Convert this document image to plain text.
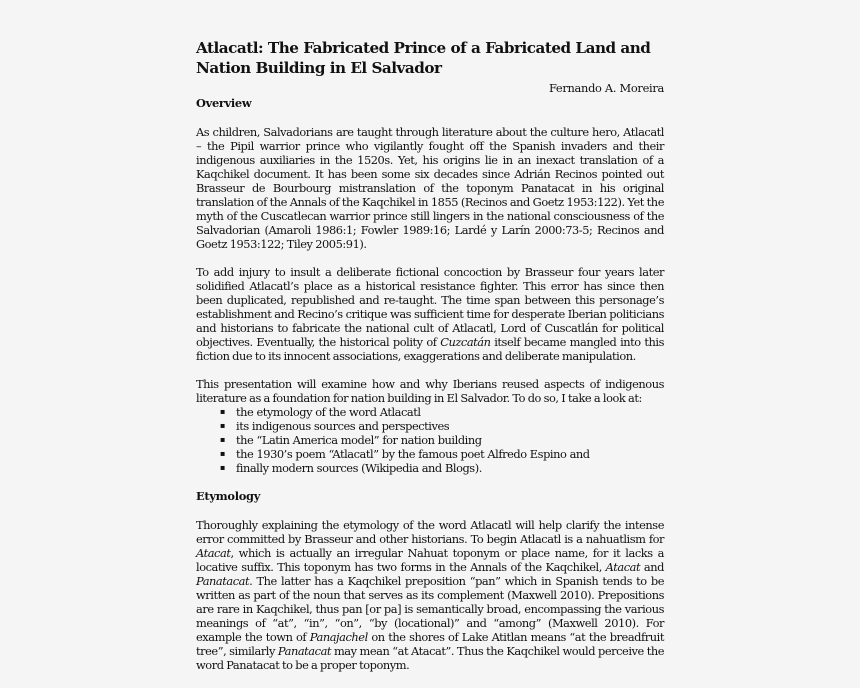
Atlacatl: The Fabricated Prince of a Fabricated Land and Nation Building in El Salvador
Fernando A. Moreira
Overview

As children, Salvadorians are taught through literature about the culture hero, Atlacatl – the Pipil warrior prince who vigilantly fought off the Spanish invaders and their indigenous auxiliaries in the 1520s. Yet, his origins lie in an inexact translation of a Kaqchikel document. It has been some six decades since Adrián Recinos pointed out Brasseur de Bourbourg mistranslation of the toponym Panatacat in his original translation of the Annals of the Kaqchikel in 1855 (Recinos and Goetz 1953:122). Yet the myth of the Cuscatlecan warrior prince still lingers in the national consciousness of the Salvadorian (Amaroli 1986:1; Fowler 1989:16; Lardé y Larín 2000:73-5; Recinos and Goetz 1953:122; Tiley 2005:91).

To add injury to insult a deliberate fictional concoction by Brasseur four years later solidified Atlacatl’s place as a historical resistance fighter. This error has since then been duplicated, republished and re-taught. The time span between this personage’s establishment and Recino’s critique was sufficient time for desperate Iberian politicians and historians to fabricate the national cult of Atlacatl, Lord of Cuscatlán for political objectives. Eventually, the historical polity of Cuzcatán itself became mangled into this fiction due to its innocent associations, exaggerations and deliberate manipulation.

This presentation will examine how and why Iberians reused aspects of indigenous literature as a foundation for nation building in El Salvador. To do so, I take a look at:

▪ the etymology of the word Atlacatl
▪ its indigenous sources and perspectives
▪ the “Latin America model” for nation building
▪ the 1930’s poem “Atlacatl” by the famous poet Alfredo Espino and
▪ finally modern sources (Wikipedia and Blogs).
Etymology

Thoroughly explaining the etymology of the word Atlacatl will help clarify the intense error committed by Brasseur and other historians. To begin Atlacatl is a nahuatlism for Atacat, which is actually an irregular Nahuat toponym or place name, for it lacks a locative suffix. This toponym has two forms in the Annals of the Kaqchikel, Atacat and Panatacat. The latter has a Kaqchikel preposition “pan” which in Spanish tends to be written as part of the noun that serves as its complement (Maxwell 2010). Prepositions are rare in Kaqchikel, thus pan [or pa] is semantically broad, encompassing the various meanings of “at”, “in”, “on”, “by (locational)” and “among” (Maxwell 2010). For example the town of Panajachel on the shores of Lake Atitlan means “at the breadfruit tree”, similarly Panatacat may mean “at Atacat”. Thus the Kaqchikel would perceive the word Panatacat to be a proper toponym.
